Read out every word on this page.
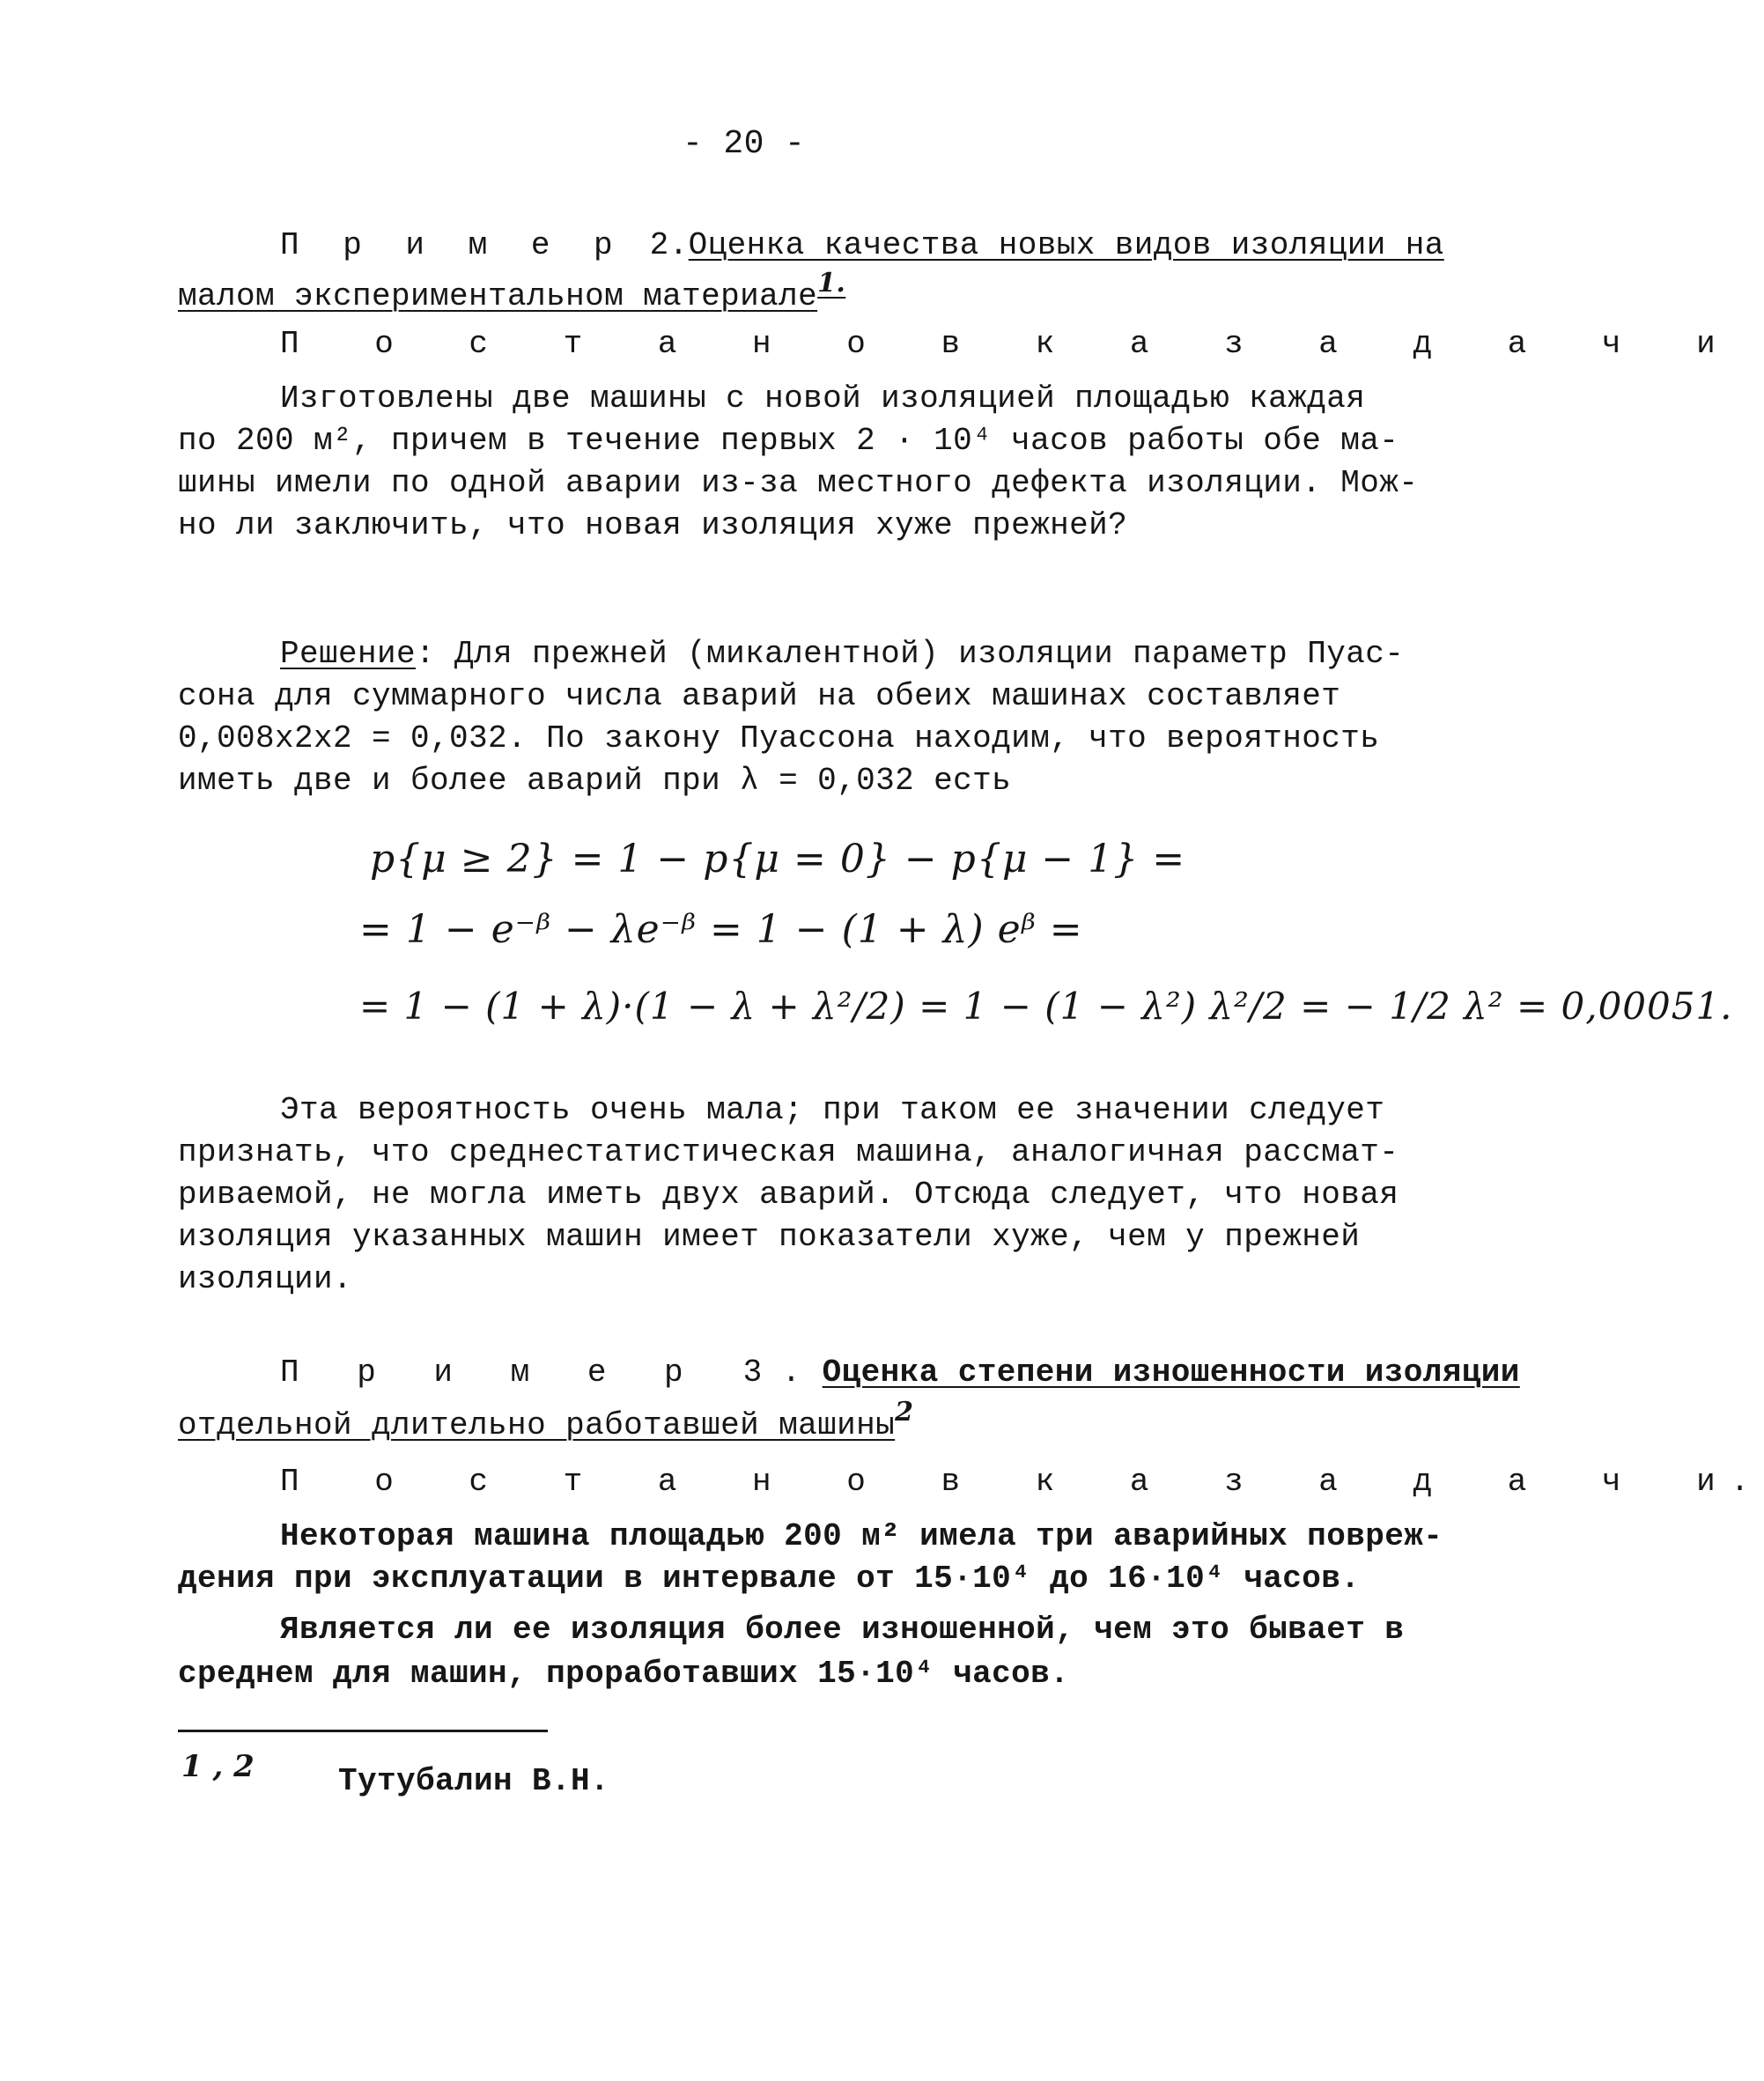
- 20 -
П р и м е р 2.Оценка качества новых видов изоляции на
малом экспериментальном материале$^{1.}$
П о с т а н о в к а з а д а ч и
Изготовлены две машины с новой изоляцией площадью каждая
по 200 м², причем в течение первых 2 · 10⁴ часов работы обе ма-
шины имели по одной аварии из-за местного дефекта изоляции. Мож-
но ли заключить, что новая изоляция хуже прежней?
Решение: Для прежней (микалентной) изоляции параметр Пуас-
сона для суммарного числа аварий на обеих машинах составляет
0,008x2x2 = 0,032. По закону Пуассона находим, что вероятность
иметь две и более аварий при λ = 0,032 есть
p{μ ≥ 2} = 1 − p{μ = 0} − p{μ − 1} =
= 1 − e⁻ᵝ − λe⁻ᵝ = 1 − (1 + λ) eᵝ =
= 1 − (1 + λ)·(1 − λ + λ²/2) = 1 − (1 − λ²) λ²/2 = − 1/2 λ² = 0,00051.
Эта вероятность очень мала; при таком ее значении следует
признать, что среднестатистическая машина, аналогичная рассмат-
риваемой, не могла иметь двух аварий. Отсюда следует, что новая
изоляция указанных машин имеет показатели хуже, чем у прежней
изоляции.
П р и м е р 3 . Оценка степени изношенности изоляции
отдельной длительно работавшей машины$^2$
П о с т а н о в к а з а д а ч и.
Некоторая машина площадью 200 м² имела три аварийных повреж-
дения при эксплуатации в интервале от 15·10⁴ до 16·10⁴ часов.
Является ли ее изоляция более изношенной, чем это бывает в
среднем для машин, проработавших 15·10⁴ часов.
1 , 2	Тутубалин В.Н.
